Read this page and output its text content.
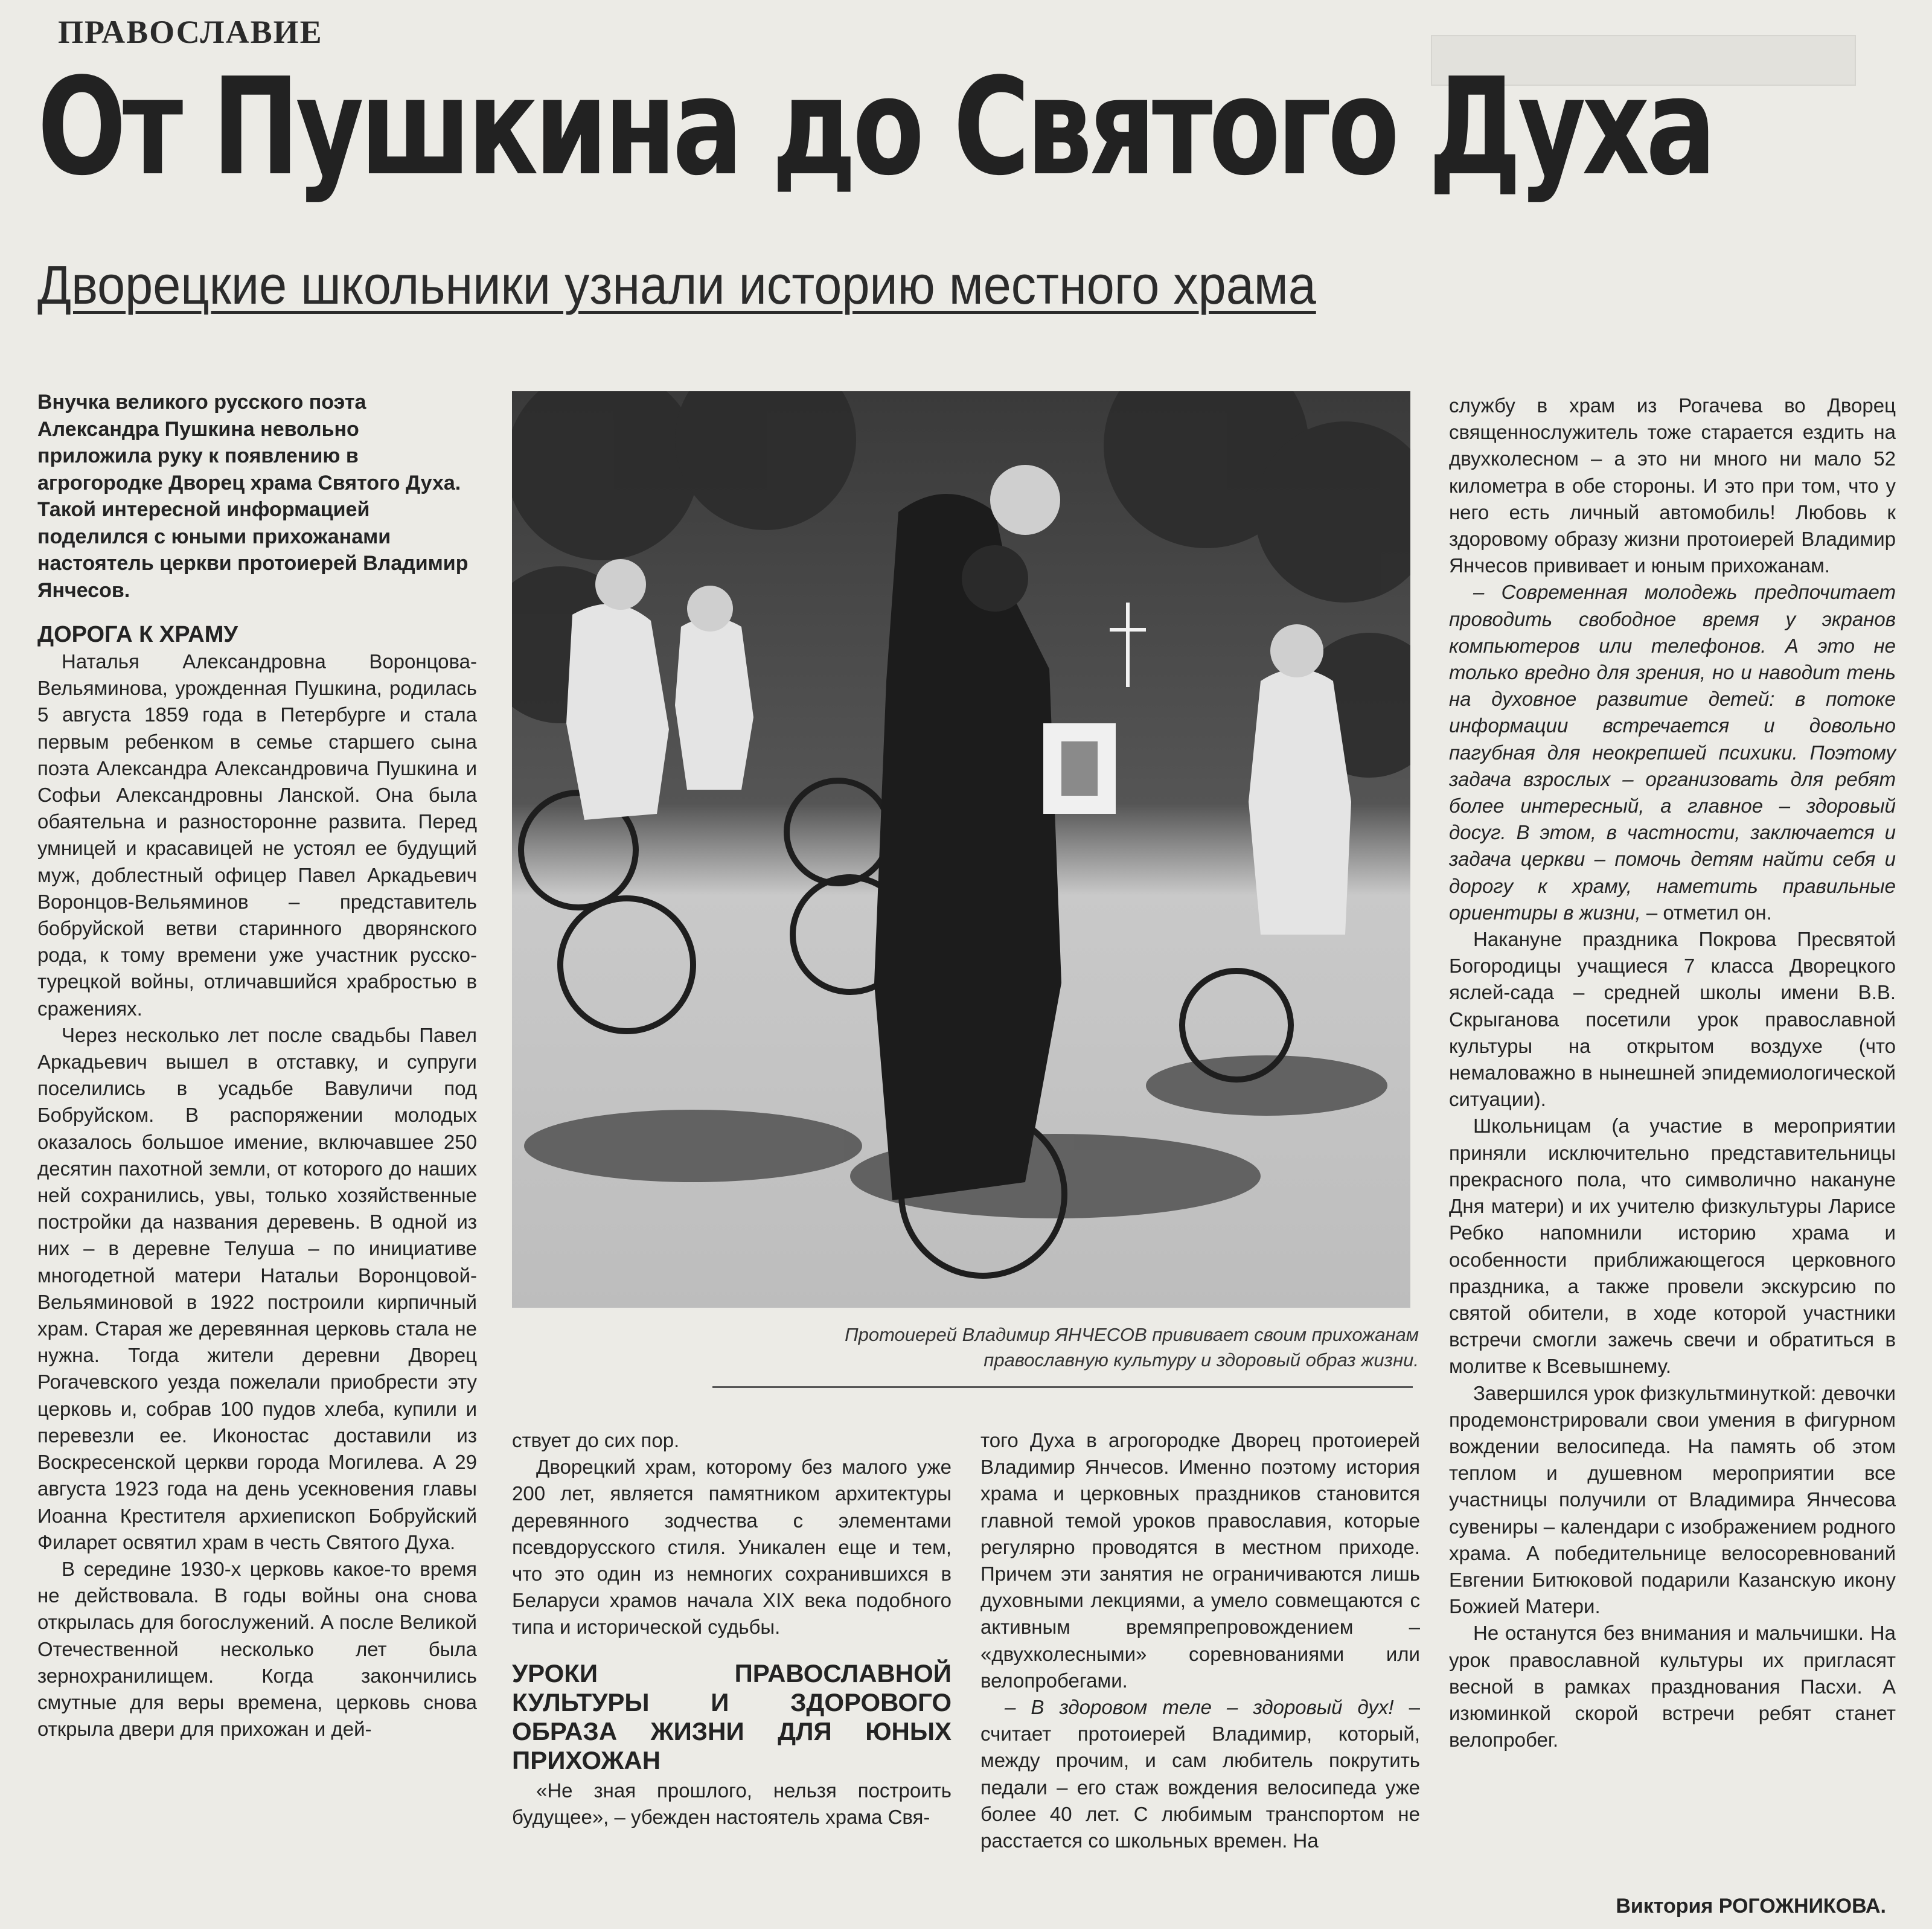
ПРАВОСЛАВИЕ
От Пушкина до Святого Духа
Дворецкие школьники узнали историю местного храма

Внучка великого русского поэта Александра Пушкина невольно приложила руку к появлению в агрогородке Дворец храма Святого Духа. Такой интересной информацией поделился с юными прихожанами настоятель церкви протоиерей Владимир Янчесов.

ДОРОГА К ХРАМУ

Наталья Александровна Воронцова-Вельяминова, урожденная Пушкина, родилась 5 августа 1859 года в Петербурге и стала первым ребенком в семье старшего сына поэта Александра Александровича Пушкина и Софьи Александровны Ланской. Она была обаятельна и разносторонне развита. Перед умницей и красавицей не устоял ее будущий муж, доблестный офицер Павел Аркадьевич Воронцов-Вельяминов – представитель бобруйской ветви старинного дворянского рода, к тому времени уже участник русско-турецкой войны, отличавшийся храбростью в сражениях.

Через несколько лет после свадьбы Павел Аркадьевич вышел в отставку, и супруги поселились в усадьбе Вавуличи под Бобруйском. В распоряжении молодых оказалось большое имение, включавшее 250 десятин пахотной земли, от которого до наших ней сохранились, увы, только хозяйственные постройки да названия деревень. В одной из них – в деревне Телуша – по инициативе многодетной матери Натальи Воронцовой-Вельяминовой в 1922 построили кирпичный храм. Старая же деревянная церковь стала не нужна. Тогда жители деревни Дворец Рогачевского уезда пожелали приобрести эту церковь и, собрав 100 пудов хлеба, купили и перевезли ее. Иконостас доставили из Воскресенской церкви города Могилева. А 29 августа 1923 года на день усекновения главы Иоанна Крестителя архиепископ Бобруйский Филарет освятил храм в честь Святого Духа.

В середине 1930-х церковь какое-то время не действовала. В годы войны она снова открылась для богослужений. А после Великой Отечественной несколько лет была зернохранилищем. Когда закончились смутные для веры времена, церковь снова открыла двери для прихожан и дей-

Протоиерей Владимир ЯНЧЕСОВ прививает своим прихожанам православную культуру и здоровый образ жизни.

ствует до сих пор.

Дворецкий храм, которому без малого уже 200 лет, является памятником архитектуры деревянного зодчества с элементами псевдорусского стиля. Уникален еще и тем, что это один из немногих сохранившихся в Беларуси храмов начала XIX века подобного типа и исторической судьбы.

УРОКИ ПРАВОСЛАВНОЙ КУЛЬТУРЫ И ЗДОРОВОГО ОБРАЗА ЖИЗНИ ДЛЯ ЮНЫХ ПРИХОЖАН

«Не зная прошлого, нельзя построить будущее», – убежден настоятель храма Свя-

того Духа в агрогородке Дворец протоиерей Владимир Янчесов. Именно поэтому история храма и церковных праздников становится главной темой уроков православия, которые регулярно проводятся в местном приходе. Причем эти занятия не ограничиваются лишь духовными лекциями, а умело совмещаются с активным времяпрепровождением – «двухколесными» соревнованиями или велопробегами.

– В здоровом теле – здоровый дух! – считает протоиерей Владимир, который, между прочим, и сам любитель покрутить педали – его стаж вождения велосипеда уже более 40 лет. С любимым транспортом не расстается со школьных времен. На

службу в храм из Рогачева во Дворец священнослужитель тоже старается ездить на двухколесном – а это ни много ни мало 52 километра в обе стороны. И это при том, что у него есть личный автомобиль! Любовь к здоровому образу жизни протоиерей Владимир Янчесов прививает и юным прихожанам.

– Современная молодежь предпочитает проводить свободное время у экранов компьютеров или телефонов. А это не только вредно для зрения, но и наводит тень на духовное развитие детей: в потоке информации встречается и довольно пагубная для неокрепшей психики. Поэтому задача взрослых – организовать для ребят более интересный, а главное – здоровый досуг. В этом, в частности, заключается и задача церкви – помочь детям найти себя и дорогу к храму, наметить правильные ориентиры в жизни, – отметил он.

Накануне праздника Покрова Пресвятой Богородицы учащиеся 7 класса Дворецкого яслей-сада – средней школы имени В.В. Скрыганова посетили урок православной культуры на открытом воздухе (что немаловажно в нынешней эпидемиологической ситуации).

Школьницам (а участие в мероприятии приняли исключительно представительницы прекрасного пола, что символично накануне Дня матери) и их учителю физкультуры Ларисе Ребко напомнили историю храма и особенности приближающегося церковного праздника, а также провели экскурсию по святой обители, в ходе которой участники встречи смогли зажечь свечи и обратиться в молитве к Всевышнему.

Завершился урок физкультминуткой: девочки продемонстрировали свои умения в фигурном вождении велосипеда. На память об этом теплом и душевном мероприятии все участницы получили от Владимира Янчесова сувениры – календари с изображением родного храма. А победительнице велосоревнований Евгении Битюковой подарили Казанскую икону Божией Матери.

Не останутся без внимания и мальчишки. На урок православной культуры их пригласят весной в рамках празднования Пасхи. А изюминкой скорой встречи ребят станет велопробег.

Виктория РОГОЖНИКОВА.
